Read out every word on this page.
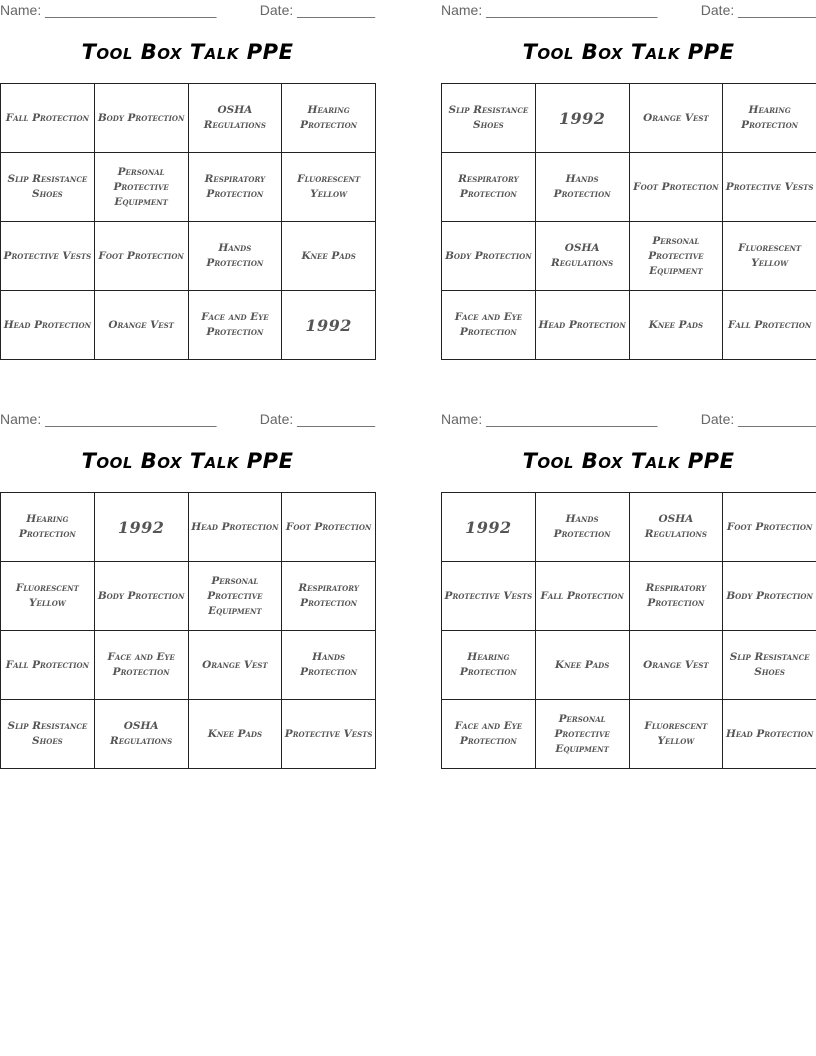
Name: ______________________	Date: __________
Tool Box Talk PPE
Fall Protection	Body Protection	OSHA Regulations	Hearing Protection
Slip Resistance Shoes	Personal Protective Equipment	Respiratory Protection	Fluorescent Yellow
Protective Vests	Foot Protection	Hands Protection	Knee Pads
Head Protection	Orange Vest	Face and Eye Protection	1992
Name: ______________________	Date: __________
Tool Box Talk PPE
Slip Resistance Shoes	1992	Orange Vest	Hearing Protection
Respiratory Protection	Hands Protection	Foot Protection	Protective Vests
Body Protection	OSHA Regulations	Personal Protective Equipment	Fluorescent Yellow
Face and Eye Protection	Head Protection	Knee Pads	Fall Protection
Name: ______________________	Date: __________
Tool Box Talk PPE
Hearing Protection	1992	Head Protection	Foot Protection
Fluorescent Yellow	Body Protection	Personal Protective Equipment	Respiratory Protection
Fall Protection	Face and Eye Protection	Orange Vest	Hands Protection
Slip Resistance Shoes	OSHA Regulations	Knee Pads	Protective Vests
Name: ______________________	Date: __________
Tool Box Talk PPE
1992	Hands Protection	OSHA Regulations	Foot Protection
Protective Vests	Fall Protection	Respiratory Protection	Body Protection
Hearing Protection	Knee Pads	Orange Vest	Slip Resistance Shoes
Face and Eye Protection	Personal Protective Equipment	Fluorescent Yellow	Head Protection
